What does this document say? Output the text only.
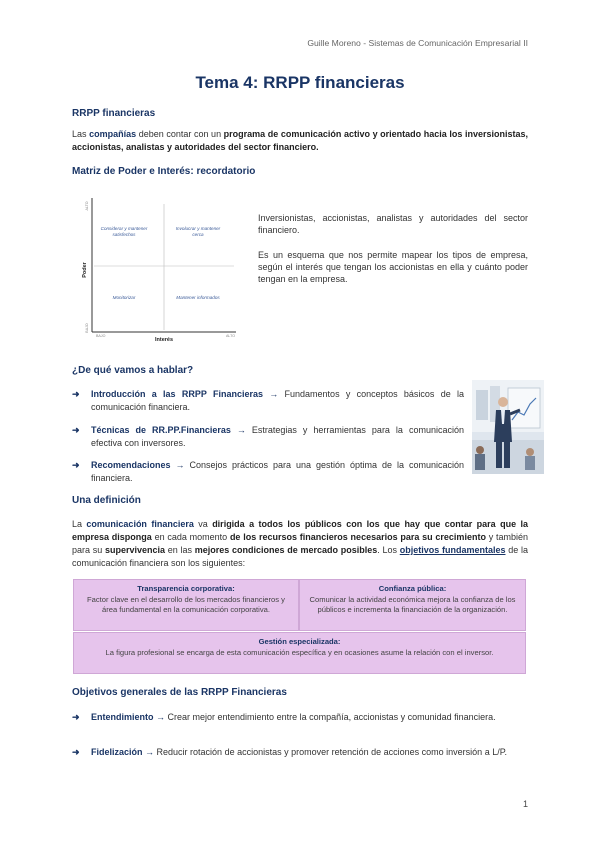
Guille Moreno - Sistemas de Comunicación Empresarial II
Tema 4: RRPP financieras
RRPP financieras
Las compañías deben contar con un programa de comunicación activo y orientado hacia los inversionistas, accionistas, analistas y autoridades del sector financiero.
Matriz de Poder e Interés: recordatorio
Considerar y mantener
satisfechos
Involucrar y mantener
cerca
Monitorizar	Mantener informados
Poder
Interés
ALTO
BAJO
BAJO	ALTO
Inversionistas, accionistas, analistas y autoridades del sector financiero.
Es un esquema que nos permite mapear los tipos de empresa, según el interés que tengan los accionistas en ella y cuánto poder tengan en la empresa.
¿De qué vamos a hablar?
➜ Introducción a las RRPP Financieras → Fundamentos y conceptos básicos de la comunicación financiera.
➜ Técnicas de RR.PP.Financieras → Estrategias y herramientas para la comunicación efectiva con inversores.
➜ Recomendaciones → Consejos prácticos para una gestión óptima de la comunicación financiera.
Una definición
La comunicación financiera va dirigida a todos los públicos con los que hay que contar para que la empresa disponga en cada momento de los recursos financieros necesarios para su crecimiento y también para su supervivencia en las mejores condiciones de mercado posibles. Los objetivos fundamentales de la comunicación financiera son los siguientes:
Transparencia corporativa:
Factor clave en el desarrollo de los mercados financieros y área fundamental en la comunicación corporativa.
Confianza pública:
Comunicar la actividad económica mejora la confianza de los públicos e incrementa la financiación de la organización.
Gestión especializada:
La figura profesional se encarga de esta comunicación específica y en ocasiones asume la relación con el inversor.
Objetivos generales de las RRPP Financieras
➜ Entendimiento → Crear mejor entendimiento entre la compañía, accionistas y comunidad financiera.
➜ Fidelización → Reducir rotación de accionistas y promover retención de acciones como inversión a L/P.
1
